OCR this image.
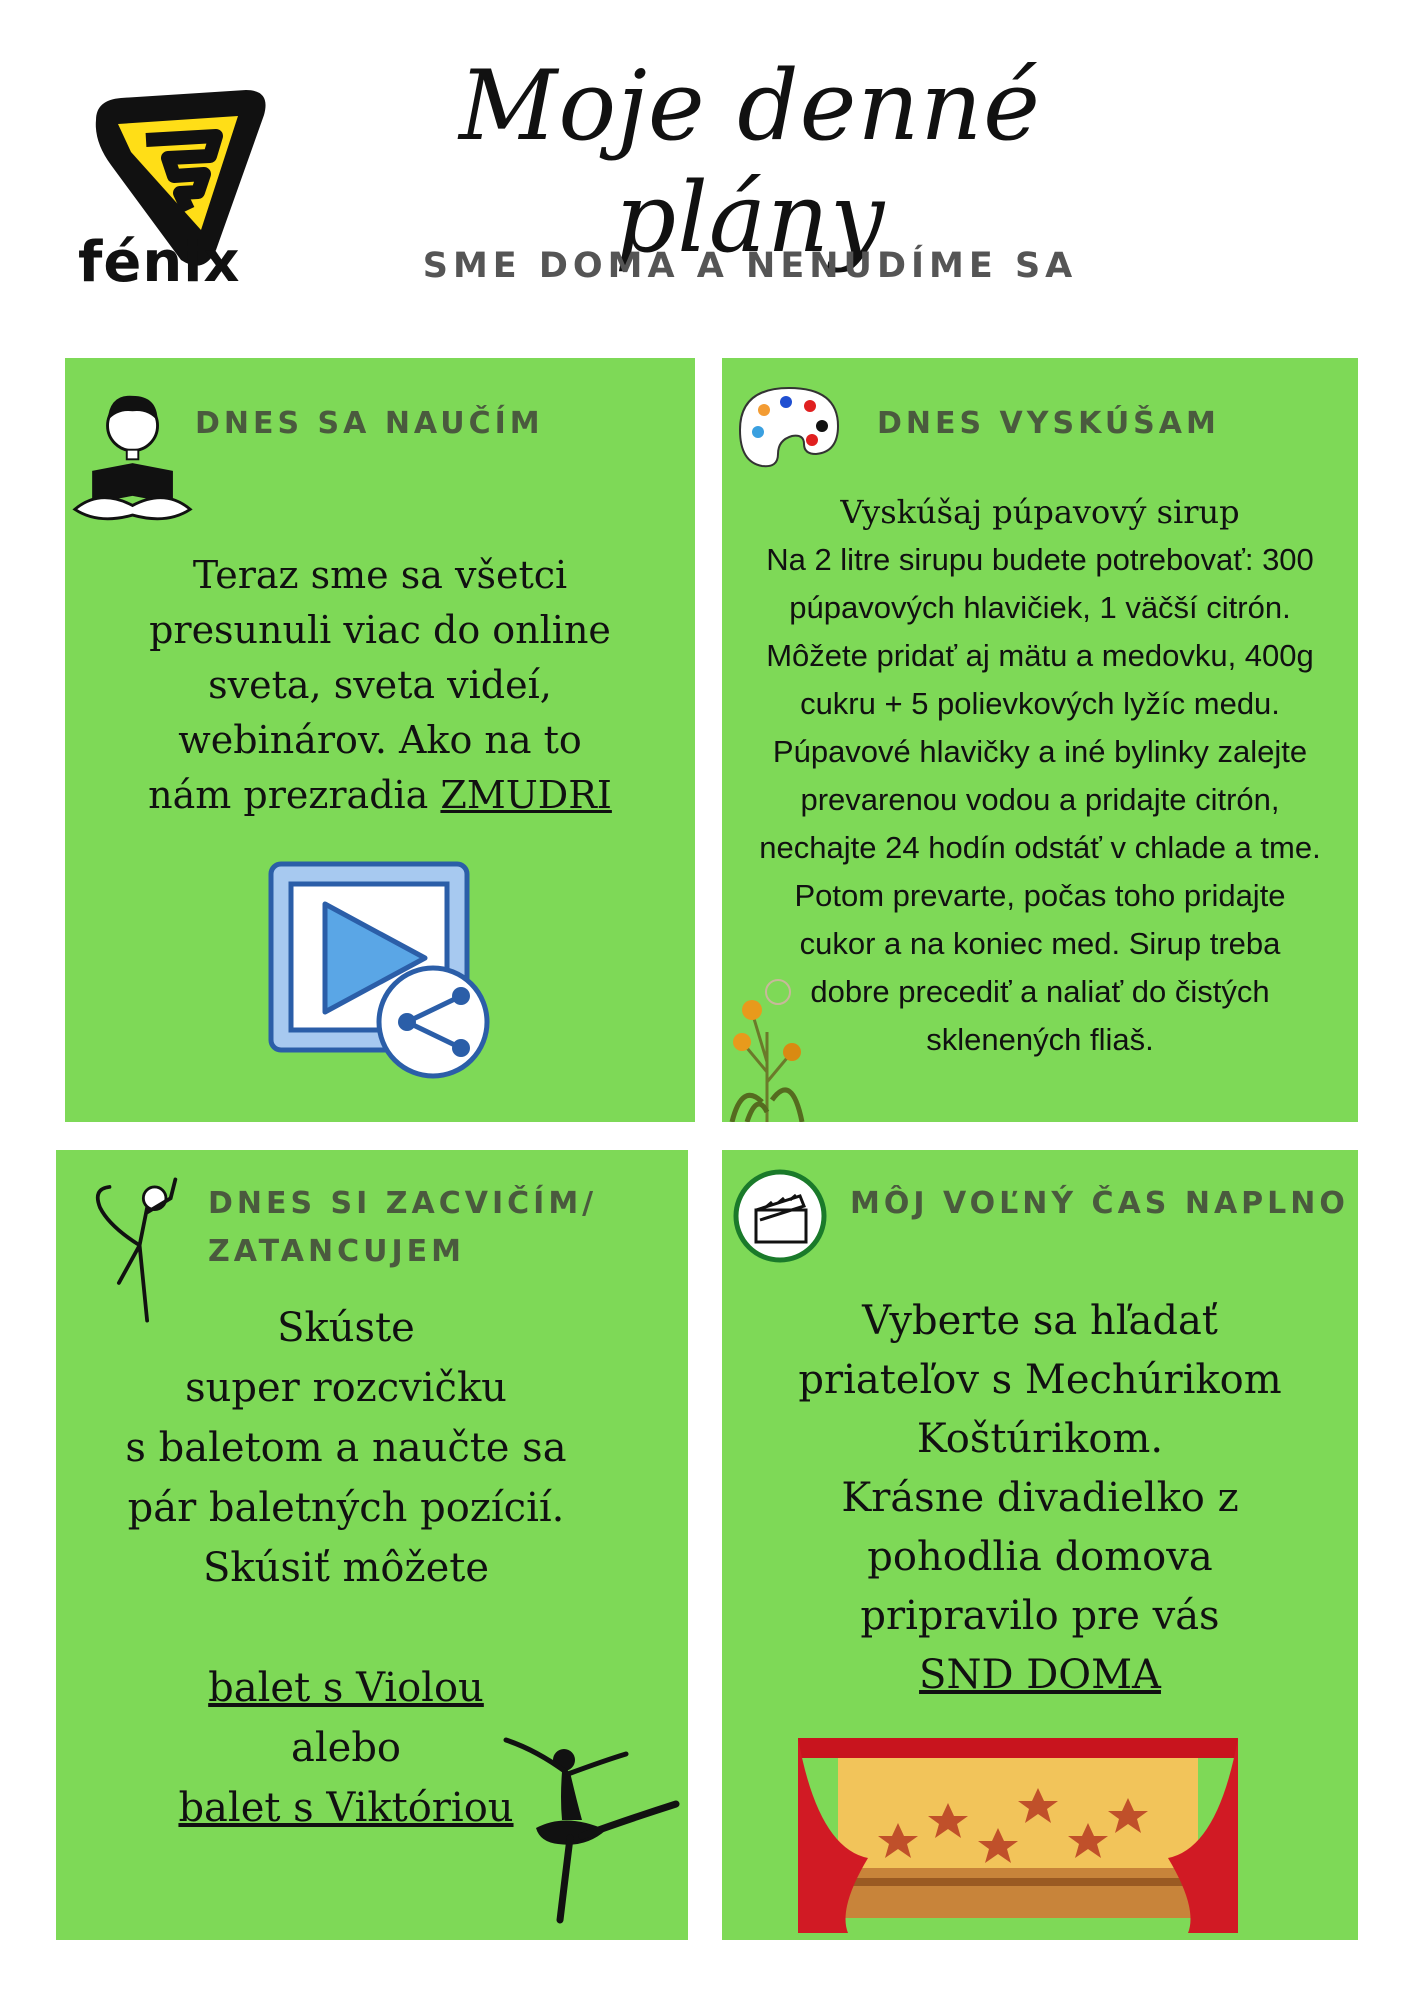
fénix
Moje denné plány
SME DOMA A NENUDÍME SA
DNES SA NAUČÍM
Teraz sme sa všetci
presunuli viac do online
sveta, sveta videí,
webinárov. Ako na to
nám prezradia ZMUDRI
DNES VYSKÚŠAM
Vyskúšaj púpavový sirup
Na 2 litre sirupu budete potrebovať: 300
púpavových hlavičiek, 1 väčší citrón.
Môžete pridať aj mätu a medovku, 400g
cukru + 5 polievkových lyžíc medu.
Púpavové hlavičky a iné bylinky zalejte
prevarenou vodou a pridajte citrón,
nechajte 24 hodín odstáť v chlade a tme.
Potom prevarte, počas toho pridajte
cukor a na koniec med. Sirup treba
dobre precediť a naliať do čistých
sklenených fliaš.
DNES SI ZACVIČÍM/
ZATANCUJEM
Skúste
super rozcvičku
s baletom a naučte sa
pár baletných pozícií.
Skúsiť môžete
balet s Violou
alebo
balet s Viktóriou
MÔJ VOĽNÝ ČAS NAPLNO
Vyberte sa hľadať
priateľov s Mechúrikom
Koštúrikom.
Krásne divadielko z
pohodlia domova
pripravilo pre vás
SND DOMA
